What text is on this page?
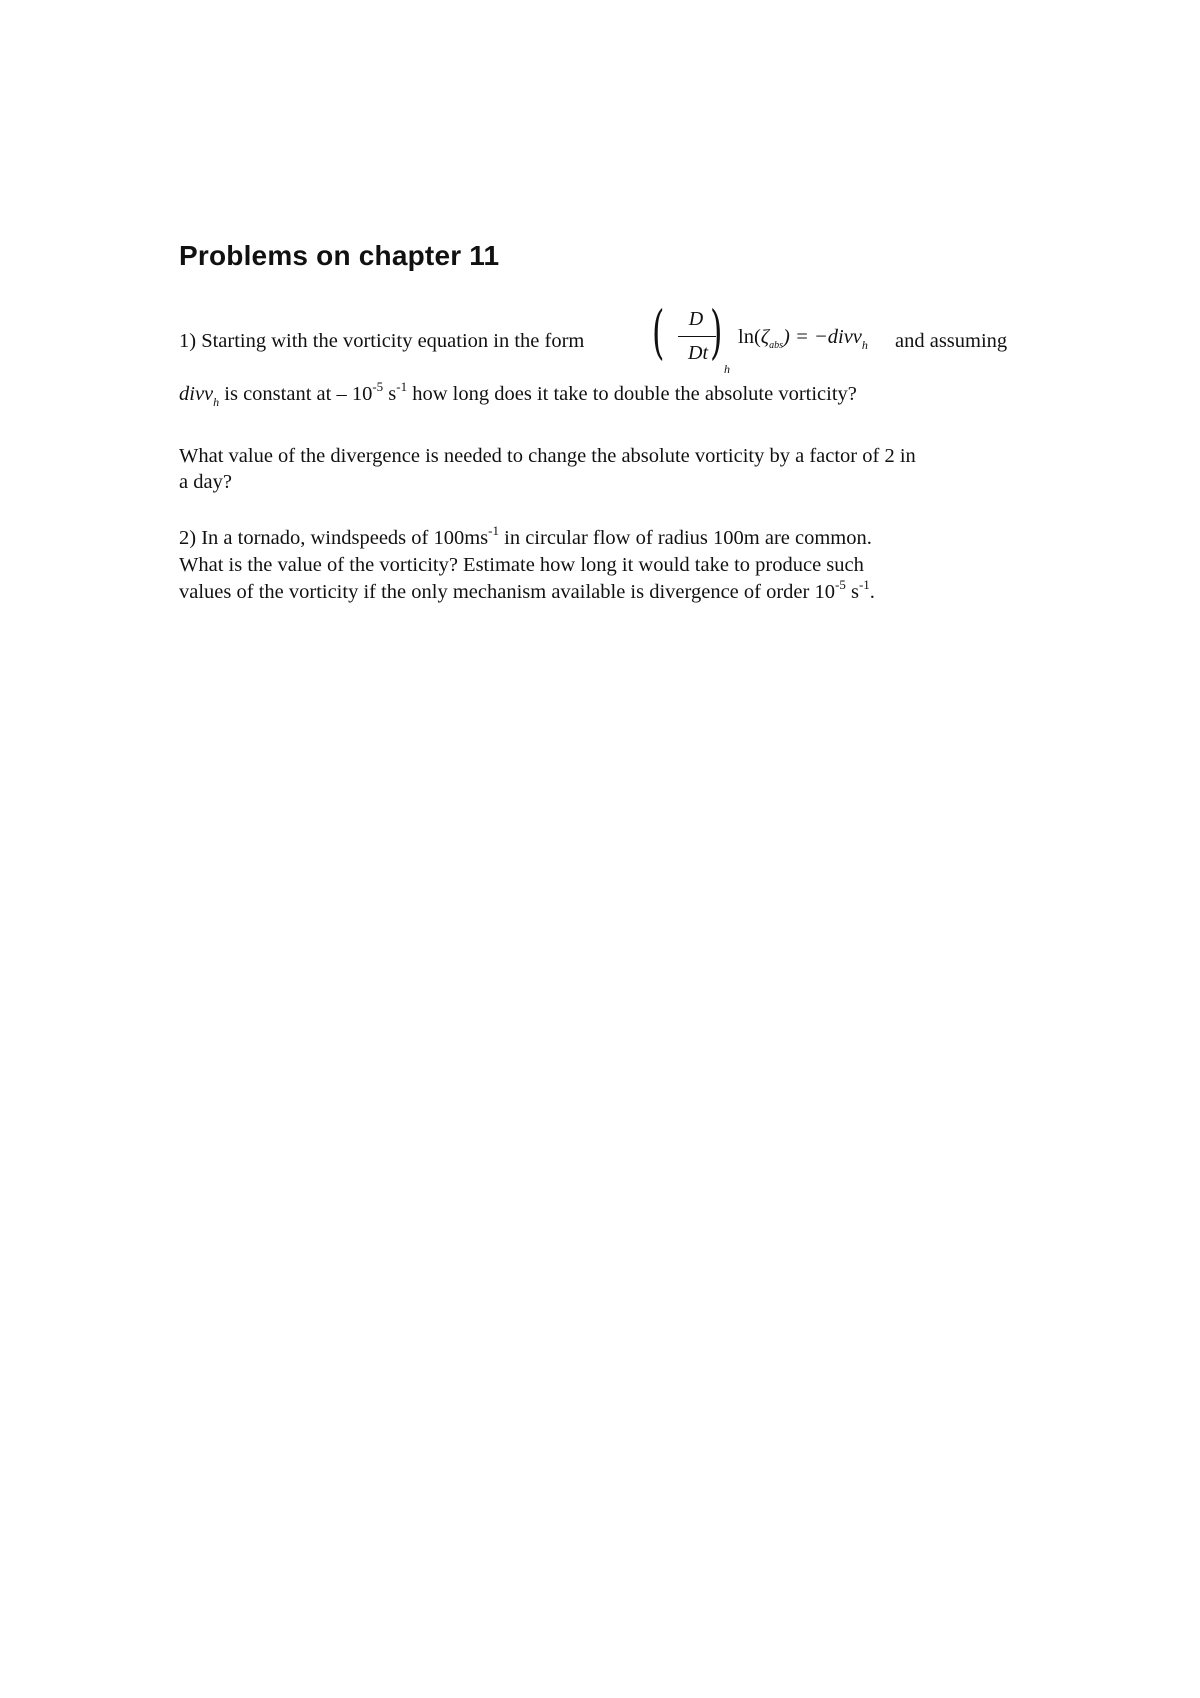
Problems on chapter 11
1) Starting with the vorticity equation in the form (	D
Dt )
h
$\ln(\zeta_{abs})$ = −divv$_h$ and assuming
divv$_h$ is constant at – $10^{-5}$ $s^{-1}$ how long does it take to double the absolute vorticity?
What value of the divergence is needed to change the absolute vorticity by a factor of 2 in
a day?
2) In a tornado, windspeeds of $100ms^{-1}$ in circular flow of radius 100m are common.
What is the value of the vorticity? Estimate how long it would take to produce such
values of the vorticity if the only mechanism available is divergence of order $10^{-5}$ $s^{-1}$.
